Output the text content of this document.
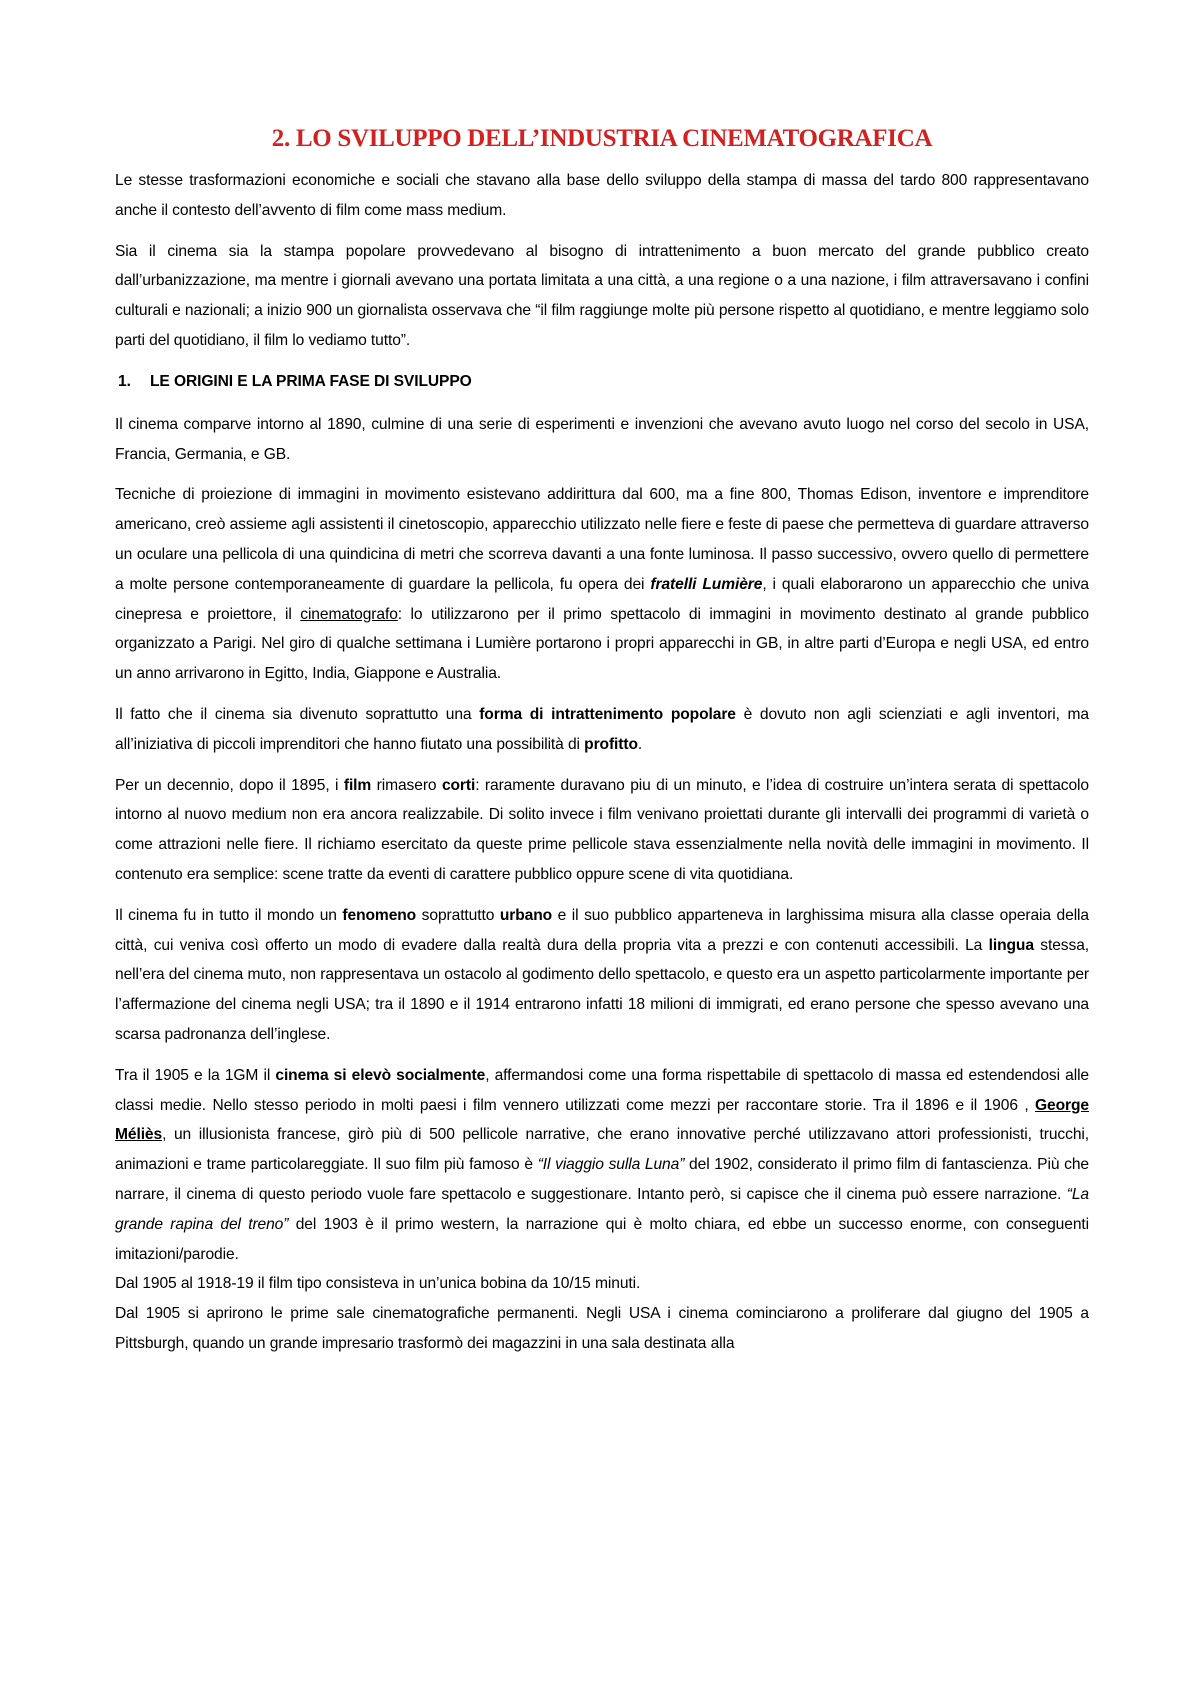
2. LO SVILUPPO DELL’INDUSTRIA CINEMATOGRAFICA

Le stesse trasformazioni economiche e sociali che stavano alla base dello sviluppo della stampa di massa del tardo 800 rappresentavano anche il contesto dell’avvento di film come mass medium.

Sia il cinema sia la stampa popolare provvedevano al bisogno di intrattenimento a buon mercato del grande pubblico creato dall’urbanizzazione, ma mentre i giornali avevano una portata limitata a una città, a una regione o a una nazione, i film attraversavano i confini culturali e nazionali; a inizio 900 un giornalista osservava che “il film raggiunge molte più persone rispetto al quotidiano, e mentre leggiamo solo parti del quotidiano, il film lo vediamo tutto”.

1. LE ORIGINI E LA PRIMA FASE DI SVILUPPO

Il cinema comparve intorno al 1890, culmine di una serie di esperimenti e invenzioni che avevano avuto luogo nel corso del secolo in USA, Francia, Germania, e GB.

Tecniche di proiezione di immagini in movimento esistevano addirittura dal 600, ma a fine 800, Thomas Edison, inventore e imprenditore americano, creò assieme agli assistenti il cinetoscopio, apparecchio utilizzato nelle fiere e feste di paese che permetteva di guardare attraverso un oculare una pellicola di una quindicina di metri che scorreva davanti a una fonte luminosa. Il passo successivo, ovvero quello di permettere a molte persone contemporaneamente di guardare la pellicola, fu opera dei fratelli Lumière, i quali elaborarono un apparecchio che univa cinepresa e proiettore, il cinematografo: lo utilizzarono per il primo spettacolo di immagini in movimento destinato al grande pubblico organizzato a Parigi. Nel giro di qualche settimana i Lumière portarono i propri apparecchi in GB, in altre parti d’Europa e negli USA, ed entro un anno arrivarono in Egitto, India, Giappone e Australia.

Il fatto che il cinema sia divenuto soprattutto una forma di intrattenimento popolare è dovuto non agli scienziati e agli inventori, ma all’iniziativa di piccoli imprenditori che hanno fiutato una possibilità di profitto.

Per un decennio, dopo il 1895, i film rimasero corti: raramente duravano piu di un minuto, e l’idea di costruire un’intera serata di spettacolo intorno al nuovo medium non era ancora realizzabile. Di solito invece i film venivano proiettati durante gli intervalli dei programmi di varietà o come attrazioni nelle fiere. Il richiamo esercitato da queste prime pellicole stava essenzialmente nella novità delle immagini in movimento. Il contenuto era semplice: scene tratte da eventi di carattere pubblico oppure scene di vita quotidiana.

Il cinema fu in tutto il mondo un fenomeno soprattutto urbano e il suo pubblico apparteneva in larghissima misura alla classe operaia della città, cui veniva così offerto un modo di evadere dalla realtà dura della propria vita a prezzi e con contenuti accessibili. La lingua stessa, nell’era del cinema muto, non rappresentava un ostacolo al godimento dello spettacolo, e questo era un aspetto particolarmente importante per l’affermazione del cinema negli USA; tra il 1890 e il 1914 entrarono infatti 18 milioni di immigrati, ed erano persone che spesso avevano una scarsa padronanza dell’inglese.

Tra il 1905 e la 1GM il cinema si elevò socialmente, affermandosi come una forma rispettabile di spettacolo di massa ed estendendosi alle classi medie. Nello stesso periodo in molti paesi i film vennero utilizzati come mezzi per raccontare storie. Tra il 1896 e il 1906 , George Méliès, un illusionista francese, girò più di 500 pellicole narrative, che erano innovative perché utilizzavano attori professionisti, trucchi, animazioni e trame particolareggiate. Il suo film più famoso è “Il viaggio sulla Luna” del 1902, considerato il primo film di fantascienza. Più che narrare, il cinema di questo periodo vuole fare spettacolo e suggestionare. Intanto però, si capisce che il cinema può essere narrazione. “La grande rapina del treno” del 1903 è il primo western, la narrazione qui è molto chiara, ed ebbe un successo enorme, con conseguenti imitazioni/parodie.

Dal 1905 al 1918-19 il film tipo consisteva in un’unica bobina da 10/15 minuti.

Dal 1905 si aprirono le prime sale cinematografiche permanenti. Negli USA i cinema cominciarono a proliferare dal giugno del 1905 a Pittsburgh, quando un grande impresario trasformò dei magazzini in una sala destinata alla
